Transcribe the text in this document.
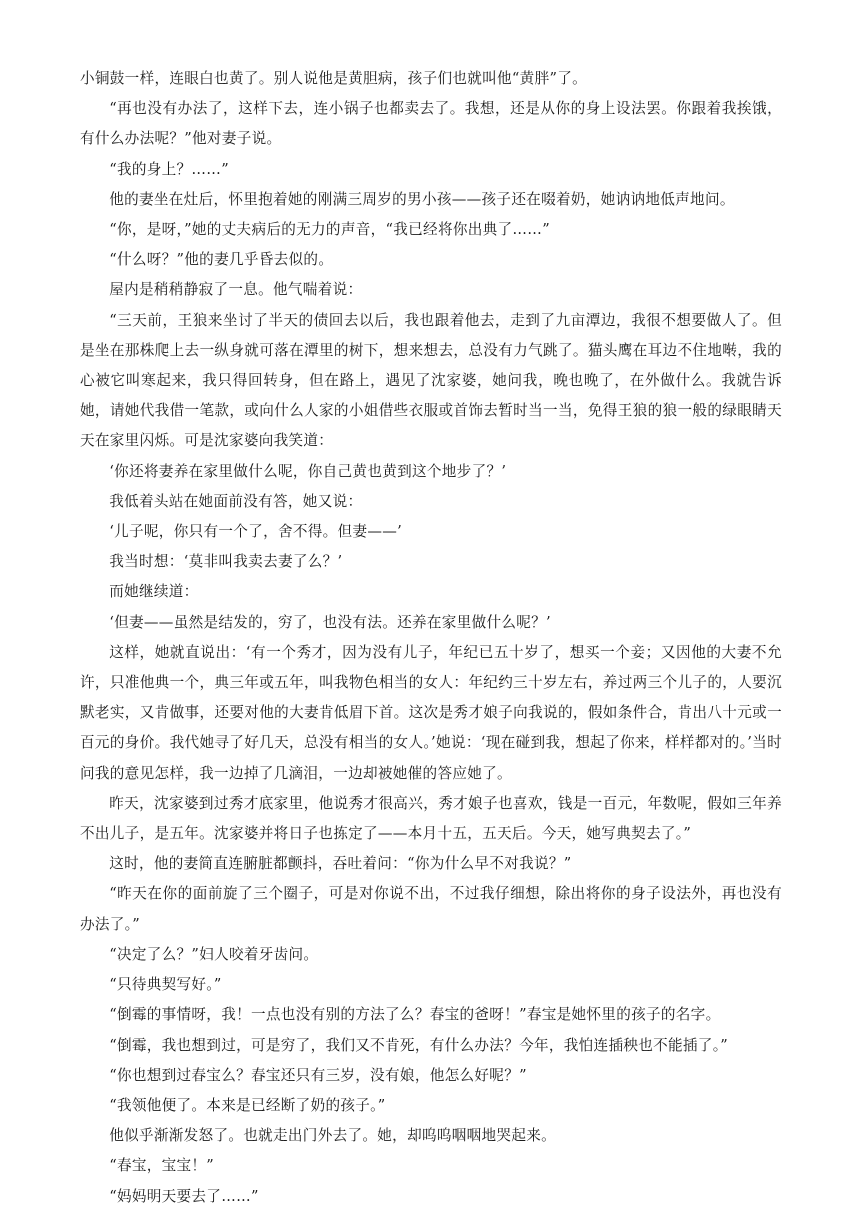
小铜鼓一样，连眼白也黄了。别人说他是黄胆病，孩子们也就叫他“黄胖”了。

“再也没有办法了，这样下去，连小锅子也都卖去了。我想，还是从你的身上设法罢。你跟着我挨饿，有什么办法呢？”他对妻子说。

“我的身上？……”

他的妻坐在灶后，怀里抱着她的刚满三周岁的男小孩——孩子还在啜着奶，她讷讷地低声地问。

“你，是呀，”她的丈夫病后的无力的声音，“我已经将你出典了……”

“什么呀？”他的妻几乎昏去似的。

屋内是稍稍静寂了一息。他气喘着说：

“三天前，王狼来坐讨了半天的债回去以后，我也跟着他去，走到了九亩潭边，我很不想要做人了。但是坐在那株爬上去一纵身就可落在潭里的树下，想来想去，总没有力气跳了。猫头鹰在耳边不住地啭，我的心被它叫寒起来，我只得回转身，但在路上，遇见了沈家婆，她问我，晚也晚了，在外做什么。我就告诉她，请她代我借一笔款，或向什么人家的小姐借些衣服或首饰去暂时当一当，免得王狼的狼一般的绿眼睛天天在家里闪烁。可是沈家婆向我笑道：

‘你还将妻养在家里做什么呢，你自己黄也黄到这个地步了？’

我低着头站在她面前没有答，她又说：

‘儿子呢，你只有一个了，舍不得。但妻——’

我当时想：‘莫非叫我卖去妻了么？’

而她继续道：

‘但妻——虽然是结发的，穷了，也没有法。还养在家里做什么呢？’

这样，她就直说出：‘有一个秀才，因为没有儿子，年纪已五十岁了，想买一个妾；又因他的大妻不允许，只准他典一个，典三年或五年，叫我物色相当的女人：年纪约三十岁左右，养过两三个儿子的，人要沉默老实，又肯做事，还要对他的大妻肯低眉下首。这次是秀才娘子向我说的，假如条件合，肯出八十元或一百元的身价。我代她寻了好几天，总没有相当的女人。’她说：‘现在碰到我，想起了你来，样样都对的。’当时问我的意见怎样，我一边掉了几滴泪，一边却被她催的答应她了。

昨天，沈家婆到过秀才底家里，他说秀才很高兴，秀才娘子也喜欢，钱是一百元，年数呢，假如三年养不出儿子，是五年。沈家婆并将日子也拣定了——本月十五，五天后。今天，她写典契去了。”

这时，他的妻简直连腑脏都颤抖，吞吐着问：“你为什么早不对我说？”

“昨天在你的面前旋了三个圈子，可是对你说不出，不过我仔细想，除出将你的身子设法外，再也没有办法了。”

“决定了么？”妇人咬着牙齿问。

“只待典契写好。”

“倒霉的事情呀，我！一点也没有别的方法了么？春宝的爸呀！”春宝是她怀里的孩子的名字。

“倒霉，我也想到过，可是穷了，我们又不肯死，有什么办法？今年，我怕连插秧也不能插了。”

“你也想到过春宝么？春宝还只有三岁，没有娘，他怎么好呢？”

“我领他便了。本来是已经断了奶的孩子。”

他似乎渐渐发怒了。也就走出门外去了。她，却呜呜咽咽地哭起来。

“春宝，宝宝！”

“妈妈明天要去了……”
